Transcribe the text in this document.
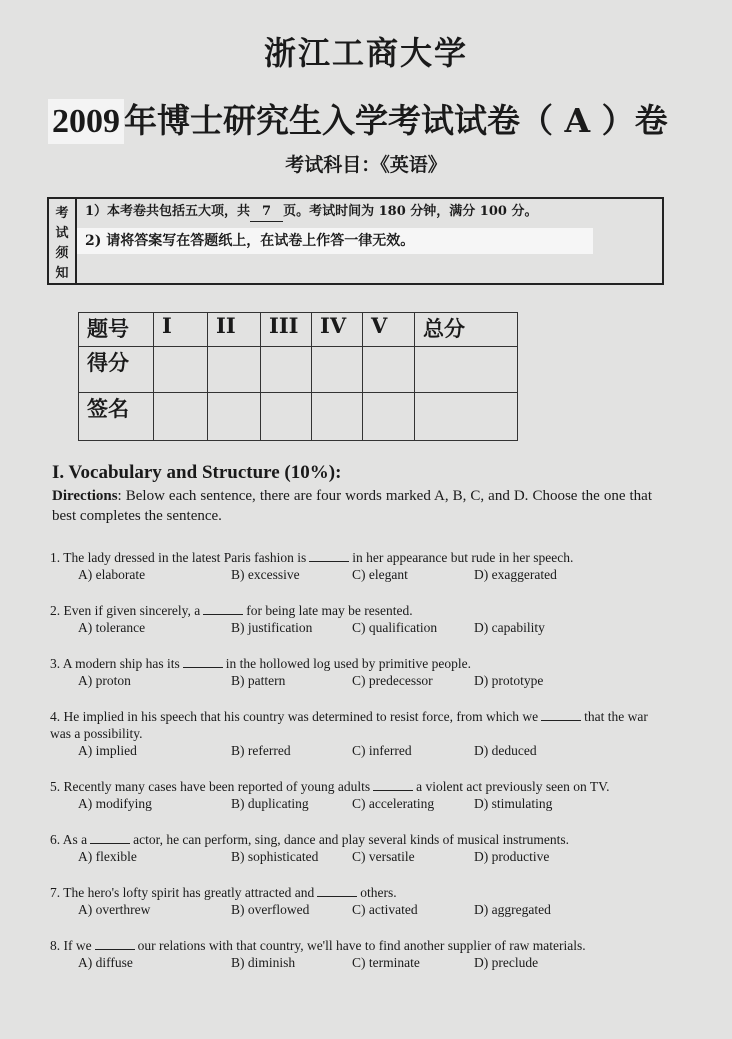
浙江工商大学
2009 年博士研究生入学考试试卷（ A ）卷
考试科目：《英语》
考
试
须
知
1）本考卷共包括五大项，共 7 页。考试时间为 180 分钟，满分 100 分。
2) 请将答案写在答题纸上，在试卷上作答一律无效。
题号	I	II	III	IV	V	总分
得分						
签名						
I. Vocabulary and Structure (10%):
Directions: Below each sentence, there are four words marked A, B, C, and D. Choose the one that best completes the sentence.
1. The lady dressed in the latest Paris fashion is	in her appearance but rude in her speech.
A) elaborate	B) excessive	C) elegant	D) exaggerated
2. Even if given sincerely, a	for being late may be resented.
A) tolerance	B) justification	C) qualification	D) capability
3. A modern ship has its	in the hollowed log used by primitive people.
A) proton	B) pattern	C) predecessor	D) prototype
4. He implied in his speech that his country was determined to resist force, from which we	that the war was a possibility.
A) implied	B) referred	C) inferred	D) deduced
5. Recently many cases have been reported of young adults	a violent act previously seen on TV.
A) modifying	B) duplicating	C) accelerating	D) stimulating
6. As a	actor, he can perform, sing, dance and play several kinds of musical instruments.
A) flexible	B) sophisticated C) versatile	D) productive
7. The hero's lofty spirit has greatly attracted and	others.
A) overthrew	B) overflowed	C) activated	D) aggregated
8. If we	our relations with that country, we'll have to find another supplier of raw materials.
A) diffuse	B) diminish	C) terminate	D) preclude
